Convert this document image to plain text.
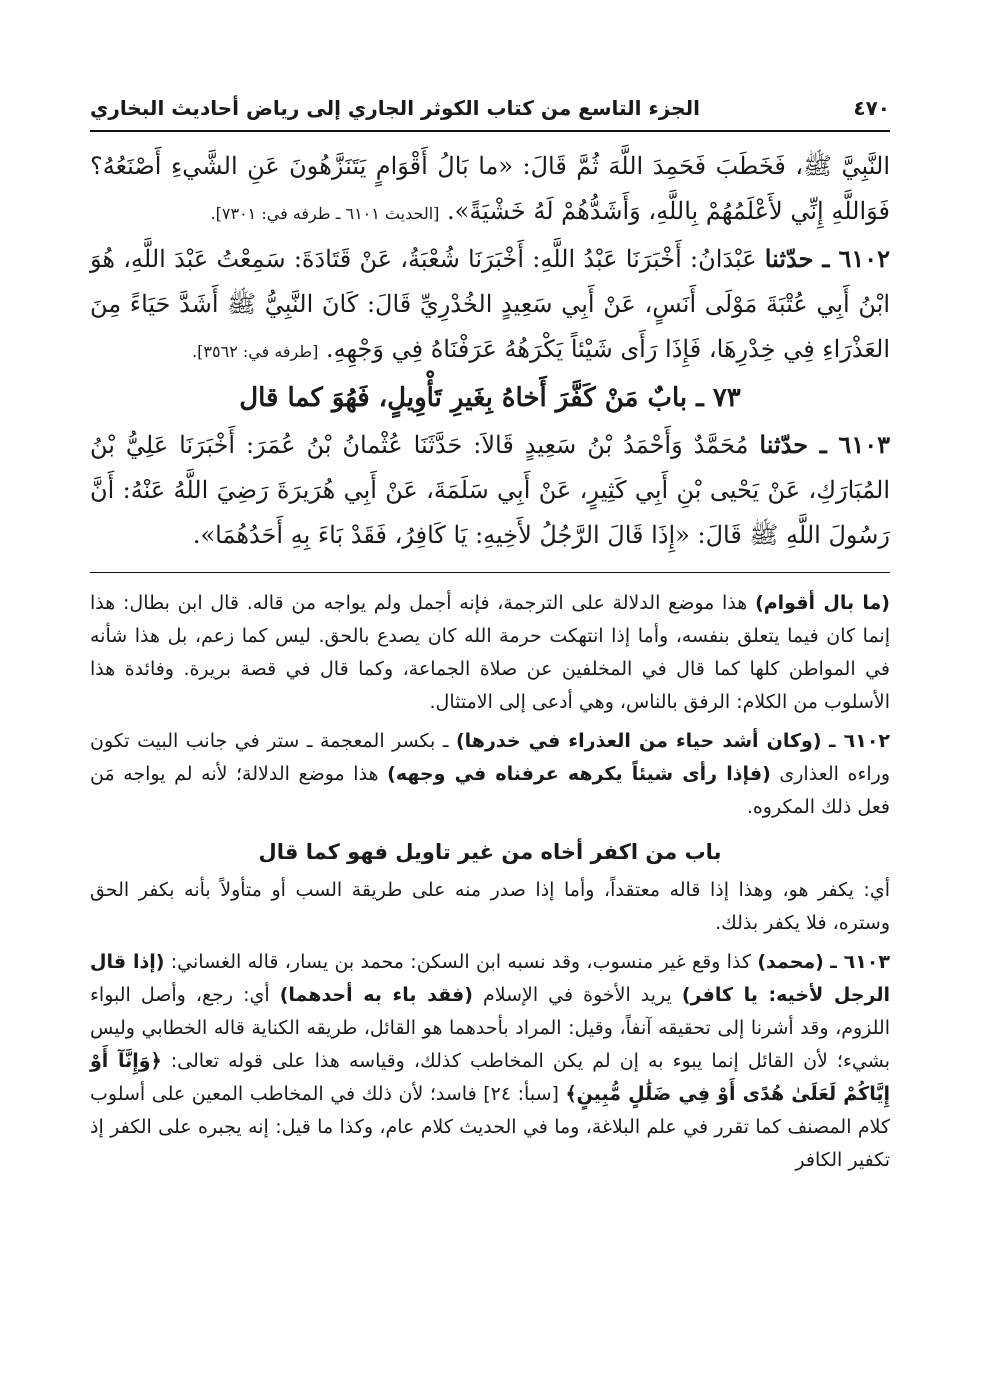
٤٧٠
الجزء التاسع من كتاب الكوثر الجاري إلى رياض أحاديث البخاري

النَّبِيَّ ﷺ، فَخَطَبَ فَحَمِدَ اللَّهَ ثُمَّ قَالَ: «ما بَالُ أَقْوَامٍ يَتَنَزَّهُونَ عَنِ الشَّيءِ أَصْنَعُهُ؟ فَوَاللَّهِ إِنِّي لأَعْلَمُهُمْ بِاللَّهِ، وَأَشَدُّهُمْ لَهُ خَشْيَةً». [الحديث ٦١٠١ ـ طرفه في: ٧٣٠١].

٦١٠٢ ـ حدّثنا عَبْدَانُ: أَخْبَرَنَا عَبْدُ اللَّهِ: أَخْبَرَنَا شُعْبَةُ، عَنْ قَتَادَةَ: سَمِعْتُ عَبْدَ اللَّهِ، هُوَ ابْنُ أَبِي عُتْبَةَ مَوْلَى أَنَسٍ، عَنْ أَبِي سَعِيدٍ الخُدْرِيِّ قَالَ: كَانَ النَّبِيُّ ﷺ أَشَدَّ حَيَاءً مِنَ العَذْرَاءِ فِي خِدْرِهَا، فَإِذَا رَأَى شَيْئاً يَكْرَهُهُ عَرَفْنَاهُ فِي وَجْهِهِ. [طرفه في: ٣٥٦٢].

٧٣ ـ بابٌ مَنْ كَفَّرَ أَخاهُ بِغَيرِ تَأْوِيلٍ، فَهُوَ كما قال

٦١٠٣ ـ حدّثنا مُحَمَّدٌ وَأَحْمَدُ بْنُ سَعِيدٍ قَالاَ: حَدَّثَنَا عُثْمانُ بْنُ عُمَرَ: أَخْبَرَنَا عَلِيُّ بْنُ المُبَارَكِ، عَنْ يَحْيى بْنِ أَبِي كَثِيرٍ، عَنْ أَبِي سَلَمَةَ، عَنْ أَبِي هُرَيرَةَ رَضِيَ اللَّهُ عَنْهُ: أَنَّ رَسُولَ اللَّهِ ﷺ قَالَ: «إِذَا قَالَ الرَّجُلُ لأَخِيهِ: يَا كَافِرُ، فَقَدْ بَاءَ بِهِ أَحَدُهُمَا».

(ما بال أقوام) هذا موضع الدلالة على الترجمة، فإنه أجمل ولم يواجه من قاله. قال ابن بطال: هذا إنما كان فيما يتعلق بنفسه، وأما إذا انتهكت حرمة الله كان يصدع بالحق. ليس كما زعم، بل هذا شأنه في المواطن كلها كما قال في المخلفين عن صلاة الجماعة، وكما قال في قصة بريرة. وفائدة هذا الأسلوب من الكلام: الرفق بالناس، وهي أدعى إلى الامتثال.

٦١٠٢ ـ (وكان أشد حياء من العذراء في خدرها) ـ بكسر المعجمة ـ ستر في جانب البيت تكون وراءه العذارى (فإذا رأى شيئاً يكرهه عرفناه في وجهه) هذا موضع الدلالة؛ لأنه لم يواجه مَن فعل ذلك المكروه.

باب من اكفر أخاه من غير تاويل فهو كما قال

أي: يكفر هو، وهذا إذا قاله معتقداً، وأما إذا صدر منه على طريقة السب أو متأولاً بأنه بكفر الحق وستره، فلا يكفر بذلك.

٦١٠٣ ـ (محمد) كذا وقع غير منسوب، وقد نسبه ابن السكن: محمد بن يسار، قاله الغساني: (إذا قال الرجل لأخيه: يا كافر) يريد الأخوة في الإسلام (فقد باء به أحدهما) أي: رجع، وأصل البواء اللزوم، وقد أشرنا إلى تحقيقه آنفاً، وقيل: المراد بأحدهما هو القائل، طريقه الكناية قاله الخطابي وليس بشيء؛ لأن القائل إنما يبوء به إن لم يكن المخاطب كذلك، وقياسه هذا على قوله تعالى: ﴿وَإِنَّآ أَوْ إِيَّاكُمْ لَعَلَىٰ هُدًى أَوْ فِي ضَلَٰلٍ مُّبِينٍ﴾ [سبأ: ٢٤] فاسد؛ لأن ذلك في المخاطب المعين على أسلوب كلام المصنف كما تقرر في علم البلاغة، وما في الحديث كلام عام، وكذا ما قيل: إنه يجبره على الكفر إذ تكفير الكافر
